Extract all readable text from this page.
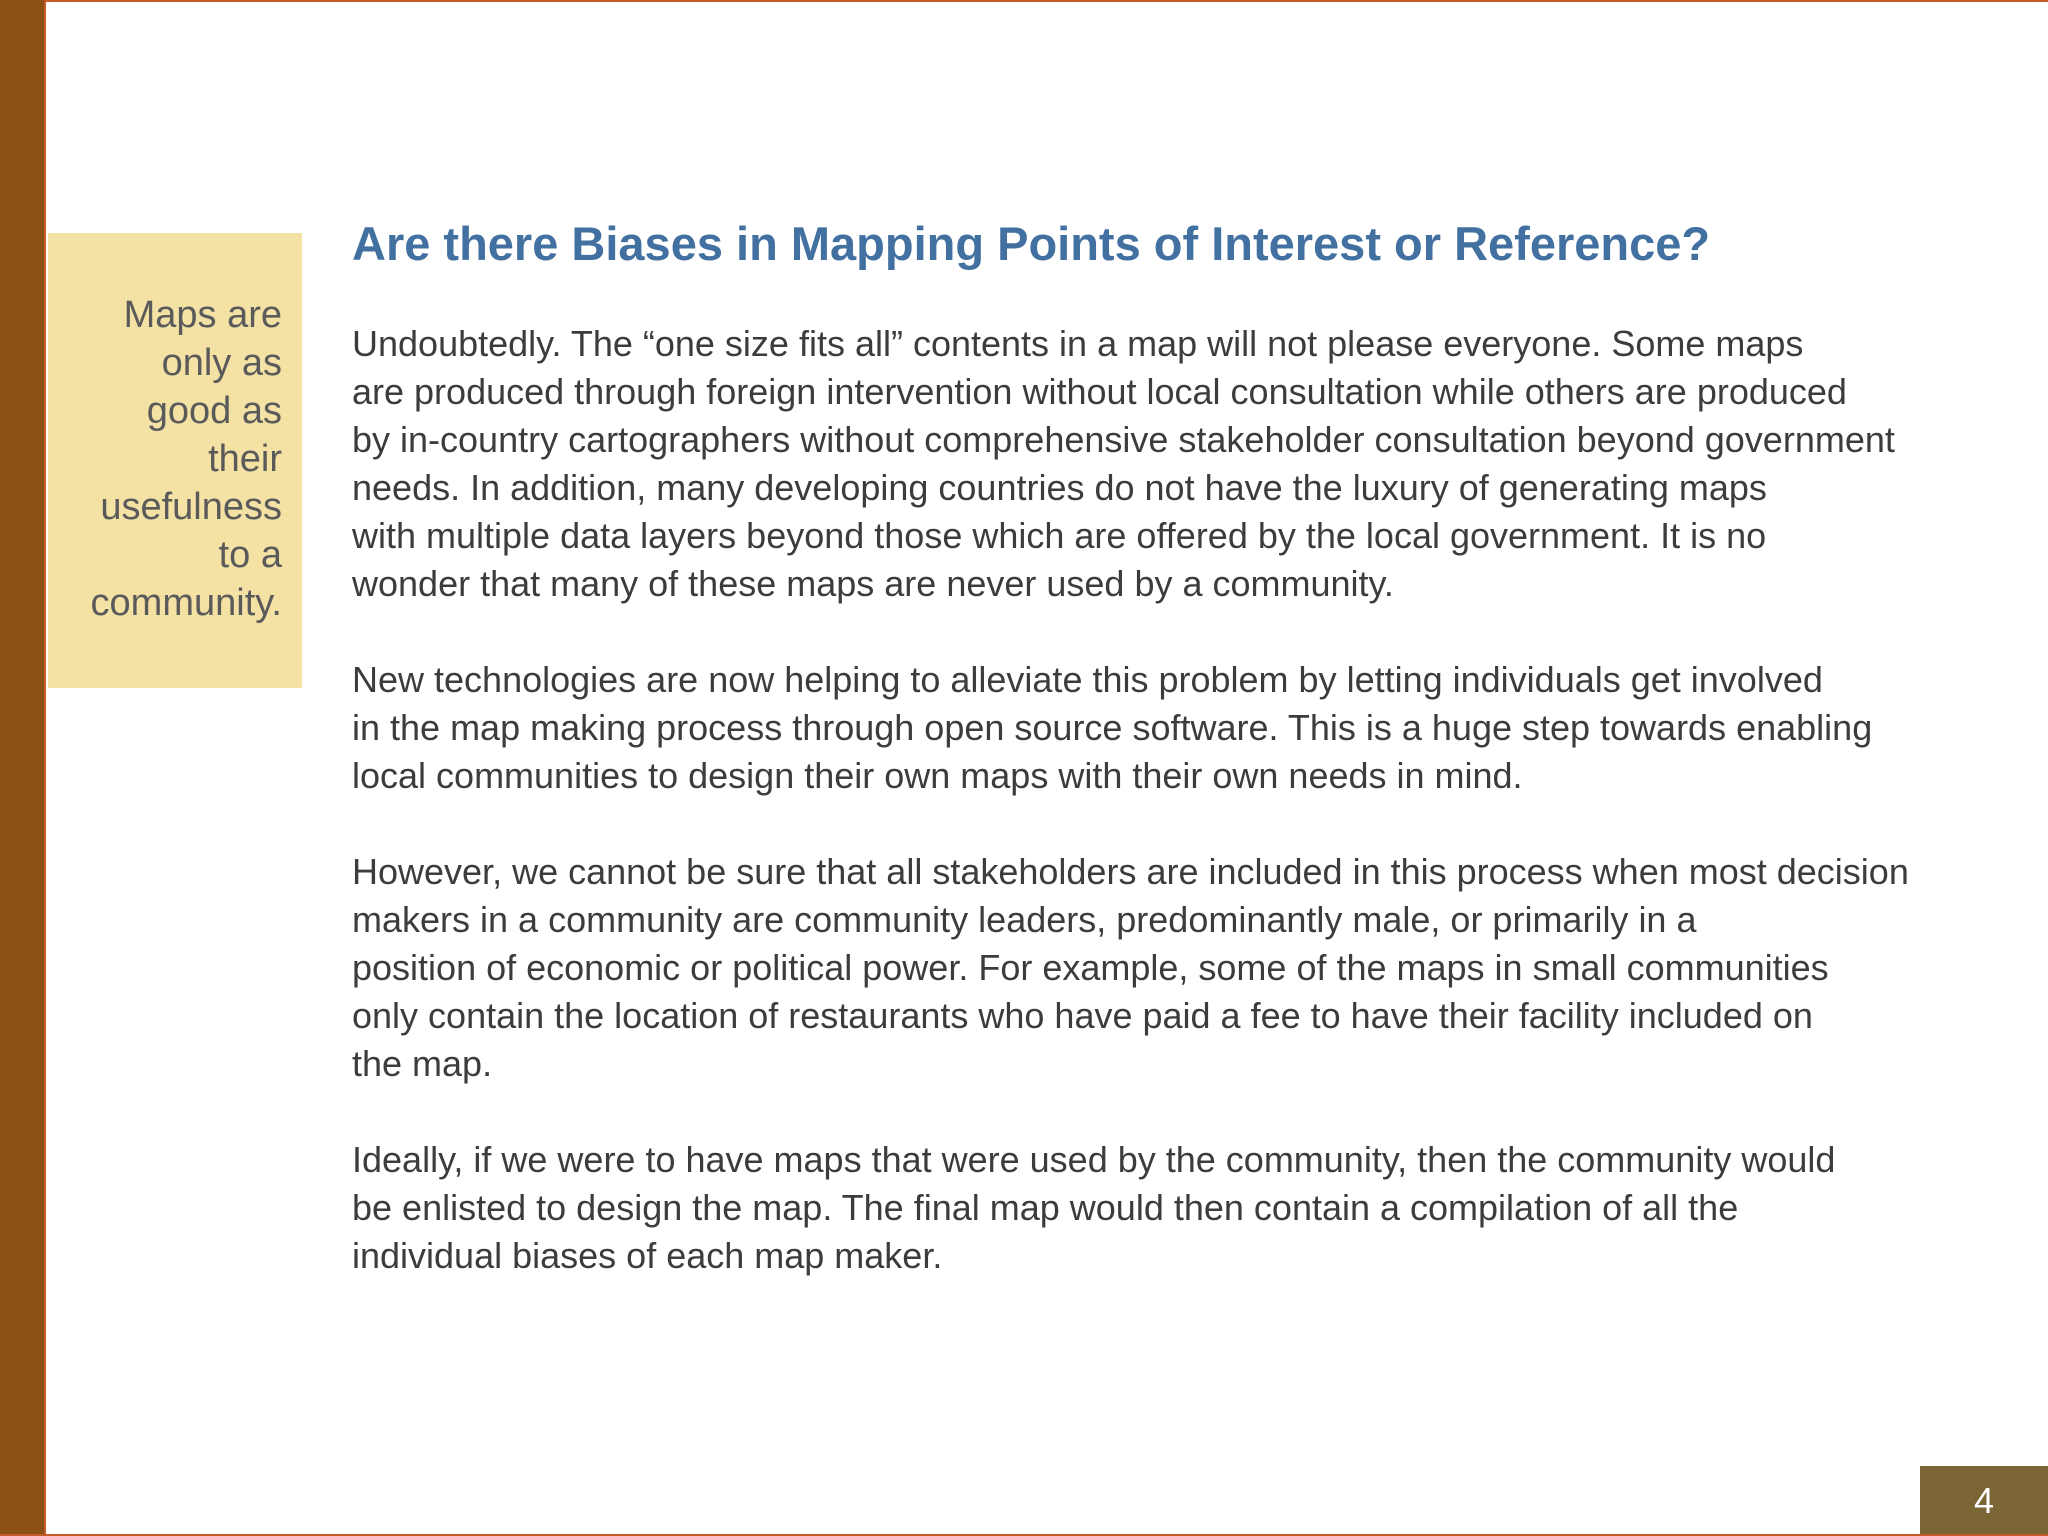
Maps are
only as
good as
their
usefulness
to a
community.

Are there Biases in Mapping Points of Interest or Reference?

Undoubtedly. The “one size fits all” contents in a map will not please everyone. Some maps
are produced through foreign intervention without local consultation while others are produced
by in-country cartographers without comprehensive stakeholder consultation beyond government
needs. In addition, many developing countries do not have the luxury of generating maps
with multiple data layers beyond those which are offered by the local government. It is no
wonder that many of these maps are never used by a community.

New technologies are now helping to alleviate this problem by letting individuals get involved
in the map making process through open source software. This is a huge step towards enabling
local communities to design their own maps with their own needs in mind.

However, we cannot be sure that all stakeholders are included in this process when most decision
makers in a community are community leaders, predominantly male, or primarily in a
position of economic or political power. For example, some of the maps in small communities
only contain the location of restaurants who have paid a fee to have their facility included on
the map.

Ideally, if we were to have maps that were used by the community, then the community would
be enlisted to design the map. The final map would then contain a compilation of all the
individual biases of each map maker.

4
